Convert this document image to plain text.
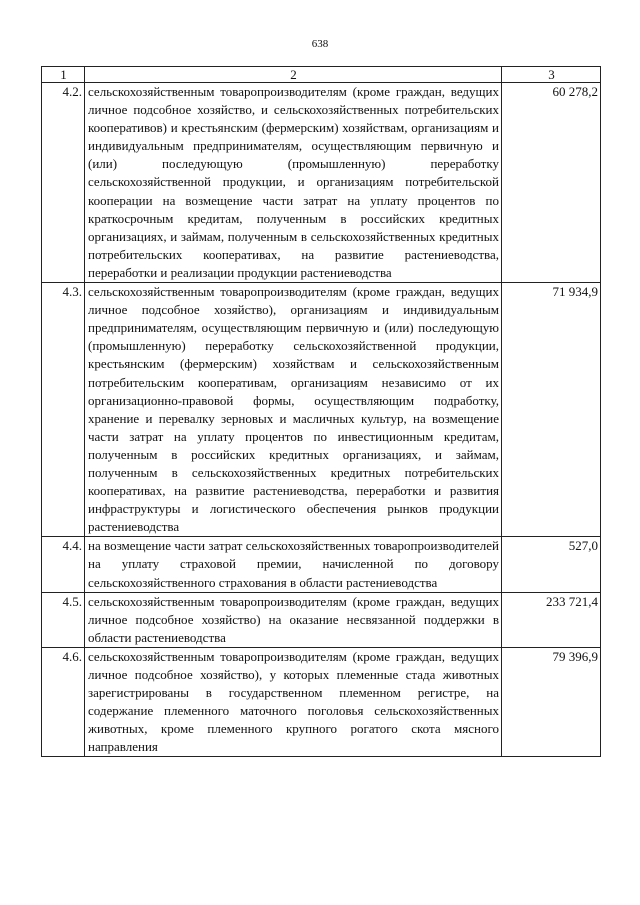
638
1	2	3
4.2.	сельскохозяйственным товаропроизводителям (кроме граждан, ведущих личное подсобное хозяйство, и сельскохозяйственных потребительских кооперативов) и крестьянским (фермерским) хозяйствам, организациям и индивидуальным предпринимателям, осуществляющим первичную и (или) последующую (промышленную) переработку сельскохозяйственной продукции, и организациям потребительской кооперации на возмещение части затрат на уплату процентов по краткосрочным кредитам, полученным в российских кредитных организациях, и займам, полученным в сельскохозяйственных кредитных потребительских кооперативах, на развитие растениеводства, переработки и реализации продукции растениеводства	60 278,2
4.3.	сельскохозяйственным товаропроизводителям (кроме граждан, ведущих личное подсобное хозяйство), организациям и индивидуальным предпринимателям, осуществляющим первичную и (или) последующую (промышленную) переработку сельскохозяйственной продукции, крестьянским (фермерским) хозяйствам и сельскохозяйственным потребительским кооперативам, организациям независимо от их организационно-правовой формы, осуществляющим подработку, хранение и перевалку зерновых и масличных культур, на возмещение части затрат на уплату процентов по инвестиционным кредитам, полученным в российских кредитных организациях, и займам, полученным в сельскохозяйственных кредитных потребительских кооперативах, на развитие растениеводства, переработки и развития инфраструктуры и логистического обеспечения рынков продукции растениеводства	71 934,9
4.4.	на возмещение части затрат сельскохозяйственных товаропроизводителей на уплату страховой премии, начисленной по договору сельскохозяйственного страхования в области растениеводства	527,0
4.5.	сельскохозяйственным товаропроизводителям (кроме граждан, ведущих личное подсобное хозяйство) на оказание несвязанной поддержки в области растениеводства	233 721,4
4.6.	сельскохозяйственным товаропроизводителям (кроме граждан, ведущих личное подсобное хозяйство), у которых племенные стада животных зарегистрированы в государственном племенном регистре, на содержание племенного маточного поголовья сельскохозяйственных животных, кроме племенного крупного рогатого скота мясного направления	79 396,9
